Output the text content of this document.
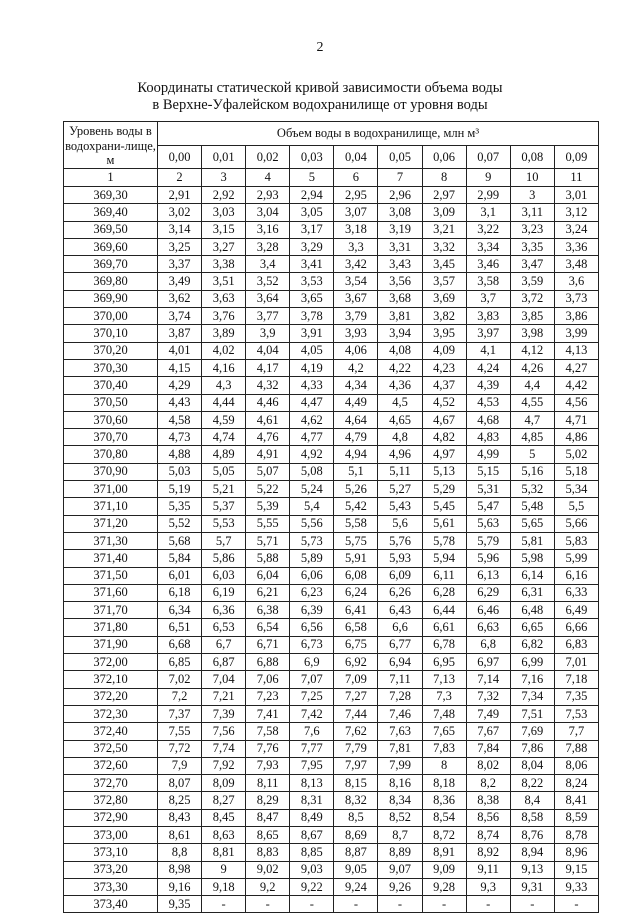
2
Координаты статической кривой зависимости объема воды
в Верхне-Уфалейском водохранилище от уровня воды
Уровень воды в водохрани-лище, м	Объем воды в водохранилище, млн м³									
	0,00	0,01	0,02	0,03	0,04	0,05	0,06	0,07	0,08	0,09
1	2	3	4	5	6	7	8	9	10	11
369,30	2,91	2,92	2,93	2,94	2,95	2,96	2,97	2,99	3	3,01
369,40	3,02	3,03	3,04	3,05	3,07	3,08	3,09	3,1	3,11	3,12
369,50	3,14	3,15	3,16	3,17	3,18	3,19	3,21	3,22	3,23	3,24
369,60	3,25	3,27	3,28	3,29	3,3	3,31	3,32	3,34	3,35	3,36
369,70	3,37	3,38	3,4	3,41	3,42	3,43	3,45	3,46	3,47	3,48
369,80	3,49	3,51	3,52	3,53	3,54	3,56	3,57	3,58	3,59	3,6
369,90	3,62	3,63	3,64	3,65	3,67	3,68	3,69	3,7	3,72	3,73
370,00	3,74	3,76	3,77	3,78	3,79	3,81	3,82	3,83	3,85	3,86
370,10	3,87	3,89	3,9	3,91	3,93	3,94	3,95	3,97	3,98	3,99
370,20	4,01	4,02	4,04	4,05	4,06	4,08	4,09	4,1	4,12	4,13
370,30	4,15	4,16	4,17	4,19	4,2	4,22	4,23	4,24	4,26	4,27
370,40	4,29	4,3	4,32	4,33	4,34	4,36	4,37	4,39	4,4	4,42
370,50	4,43	4,44	4,46	4,47	4,49	4,5	4,52	4,53	4,55	4,56
370,60	4,58	4,59	4,61	4,62	4,64	4,65	4,67	4,68	4,7	4,71
370,70	4,73	4,74	4,76	4,77	4,79	4,8	4,82	4,83	4,85	4,86
370,80	4,88	4,89	4,91	4,92	4,94	4,96	4,97	4,99	5	5,02
370,90	5,03	5,05	5,07	5,08	5,1	5,11	5,13	5,15	5,16	5,18
371,00	5,19	5,21	5,22	5,24	5,26	5,27	5,29	5,31	5,32	5,34
371,10	5,35	5,37	5,39	5,4	5,42	5,43	5,45	5,47	5,48	5,5
371,20	5,52	5,53	5,55	5,56	5,58	5,6	5,61	5,63	5,65	5,66
371,30	5,68	5,7	5,71	5,73	5,75	5,76	5,78	5,79	5,81	5,83
371,40	5,84	5,86	5,88	5,89	5,91	5,93	5,94	5,96	5,98	5,99
371,50	6,01	6,03	6,04	6,06	6,08	6,09	6,11	6,13	6,14	6,16
371,60	6,18	6,19	6,21	6,23	6,24	6,26	6,28	6,29	6,31	6,33
371,70	6,34	6,36	6,38	6,39	6,41	6,43	6,44	6,46	6,48	6,49
371,80	6,51	6,53	6,54	6,56	6,58	6,6	6,61	6,63	6,65	6,66
371,90	6,68	6,7	6,71	6,73	6,75	6,77	6,78	6,8	6,82	6,83
372,00	6,85	6,87	6,88	6,9	6,92	6,94	6,95	6,97	6,99	7,01
372,10	7,02	7,04	7,06	7,07	7,09	7,11	7,13	7,14	7,16	7,18
372,20	7,2	7,21	7,23	7,25	7,27	7,28	7,3	7,32	7,34	7,35
372,30	7,37	7,39	7,41	7,42	7,44	7,46	7,48	7,49	7,51	7,53
372,40	7,55	7,56	7,58	7,6	7,62	7,63	7,65	7,67	7,69	7,7
372,50	7,72	7,74	7,76	7,77	7,79	7,81	7,83	7,84	7,86	7,88
372,60	7,9	7,92	7,93	7,95	7,97	7,99	8	8,02	8,04	8,06
372,70	8,07	8,09	8,11	8,13	8,15	8,16	8,18	8,2	8,22	8,24
372,80	8,25	8,27	8,29	8,31	8,32	8,34	8,36	8,38	8,4	8,41
372,90	8,43	8,45	8,47	8,49	8,5	8,52	8,54	8,56	8,58	8,59
373,00	8,61	8,63	8,65	8,67	8,69	8,7	8,72	8,74	8,76	8,78
373,10	8,8	8,81	8,83	8,85	8,87	8,89	8,91	8,92	8,94	8,96
373,20	8,98	9	9,02	9,03	9,05	9,07	9,09	9,11	9,13	9,15
373,30	9,16	9,18	9,2	9,22	9,24	9,26	9,28	9,3	9,31	9,33
373,40	9,35	-	-	-	-	-	-	-	-	-
